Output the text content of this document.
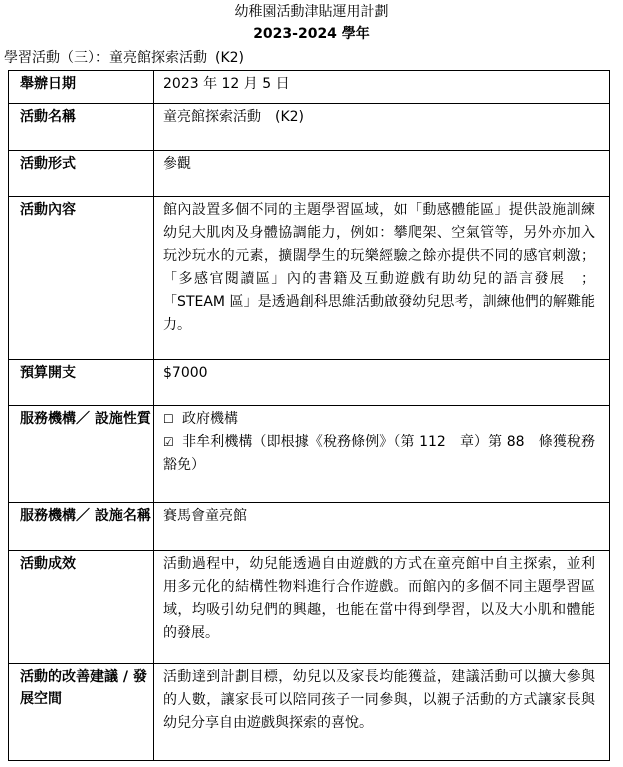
幼稚園活動津貼運用計劃
2023-2024 學年
學習活動（三）：童亮館探索活動 (K2)
舉辦日期	2023 年 12 月 5 日
活動名稱	童亮館探索活動　(K2)
活動形式	參觀
活動內容	館內設置多個不同的主題學習區域，如「動感體能區」提供設施訓練幼兒大肌肉及身體協調能力，例如：攀爬架、空氣管等，另外亦加入玩沙玩水的元素，擴闊學生的玩樂經驗之餘亦提供不同的感官刺激；「多感官閱讀區」內的書籍及互動遊戲有助幼兒的語言發展　；「STEAM 區」是透過創科思維活動啟發幼兒思考，訓練他們的解難能力。
預算開支	$7000
服務機構／ 設施性質	☐ 政府機構
☑ 非牟利機構（即根據《稅務條例》（第 112　章）第 88　條獲稅務豁免）

服務機構／ 設施名稱	賽馬會童亮館
活動成效	活動過程中，幼兒能透過自由遊戲的方式在童亮館中自主探索，並利用多元化的結構性物料進行合作遊戲。而館內的多個不同主題學習區域，均吸引幼兒們的興趣，也能在當中得到學習，以及大小肌和體能的發展。
活動的改善建議 / 發展空間	活動達到計劃目標，幼兒以及家長均能獲益，建議活動可以擴大參與的人數，讓家長可以陪同孩子一同參與，以親子活動的方式讓家長與幼兒分享自由遊戲與探索的喜悅。
